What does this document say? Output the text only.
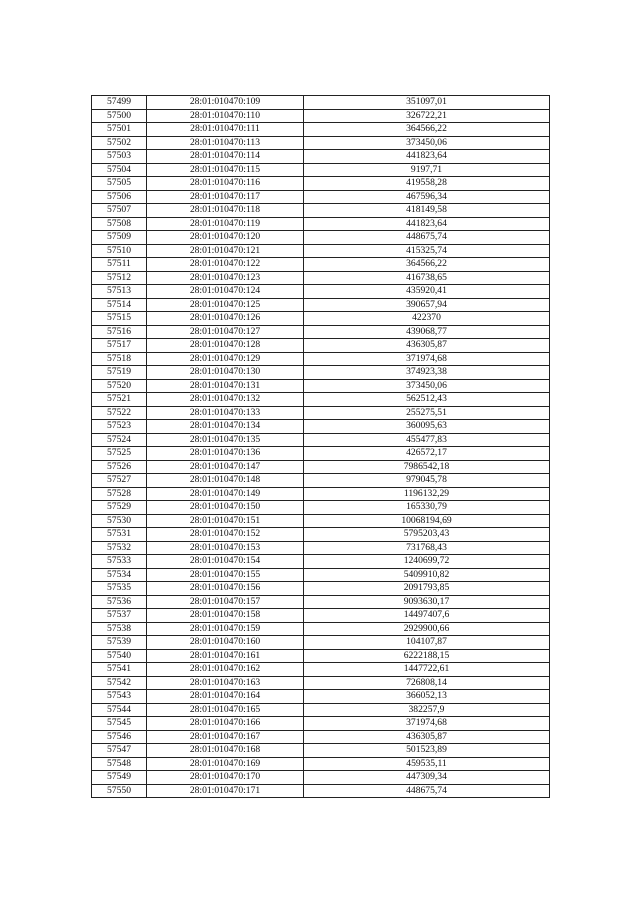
57499	28:01:010470:109	351097,01
57500	28:01:010470:110	326722,21
57501	28:01:010470:111	364566,22
57502	28:01:010470:113	373450,06
57503	28:01:010470:114	441823,64
57504	28:01:010470:115	9197,71
57505	28:01:010470:116	419558,28
57506	28:01:010470:117	467596,34
57507	28:01:010470:118	418149,58
57508	28:01:010470:119	441823,64
57509	28:01:010470:120	448675,74
57510	28:01:010470:121	415325,74
57511	28:01:010470:122	364566,22
57512	28:01:010470:123	416738,65
57513	28:01:010470:124	435920,41
57514	28:01:010470:125	390657,94
57515	28:01:010470:126	422370
57516	28:01:010470:127	439068,77
57517	28:01:010470:128	436305,87
57518	28:01:010470:129	371974,68
57519	28:01:010470:130	374923,38
57520	28:01:010470:131	373450,06
57521	28:01:010470:132	562512,43
57522	28:01:010470:133	255275,51
57523	28:01:010470:134	360095,63
57524	28:01:010470:135	455477,83
57525	28:01:010470:136	426572,17
57526	28:01:010470:147	7986542,18
57527	28:01:010470:148	979045,78
57528	28:01:010470:149	1196132,29
57529	28:01:010470:150	165330,79
57530	28:01:010470:151	10068194,69
57531	28:01:010470:152	5795203,43
57532	28:01:010470:153	731768,43
57533	28:01:010470:154	1240699,72
57534	28:01:010470:155	5409910,82
57535	28:01:010470:156	2091793,85
57536	28:01:010470:157	9093630,17
57537	28:01:010470:158	14497407,6
57538	28:01:010470:159	2929900,66
57539	28:01:010470:160	104107,87
57540	28:01:010470:161	6222188,15
57541	28:01:010470:162	1447722,61
57542	28:01:010470:163	726808,14
57543	28:01:010470:164	366052,13
57544	28:01:010470:165	382257,9
57545	28:01:010470:166	371974,68
57546	28:01:010470:167	436305,87
57547	28:01:010470:168	501523,89
57548	28:01:010470:169	459535,11
57549	28:01:010470:170	447309,34
57550	28:01:010470:171	448675,74
